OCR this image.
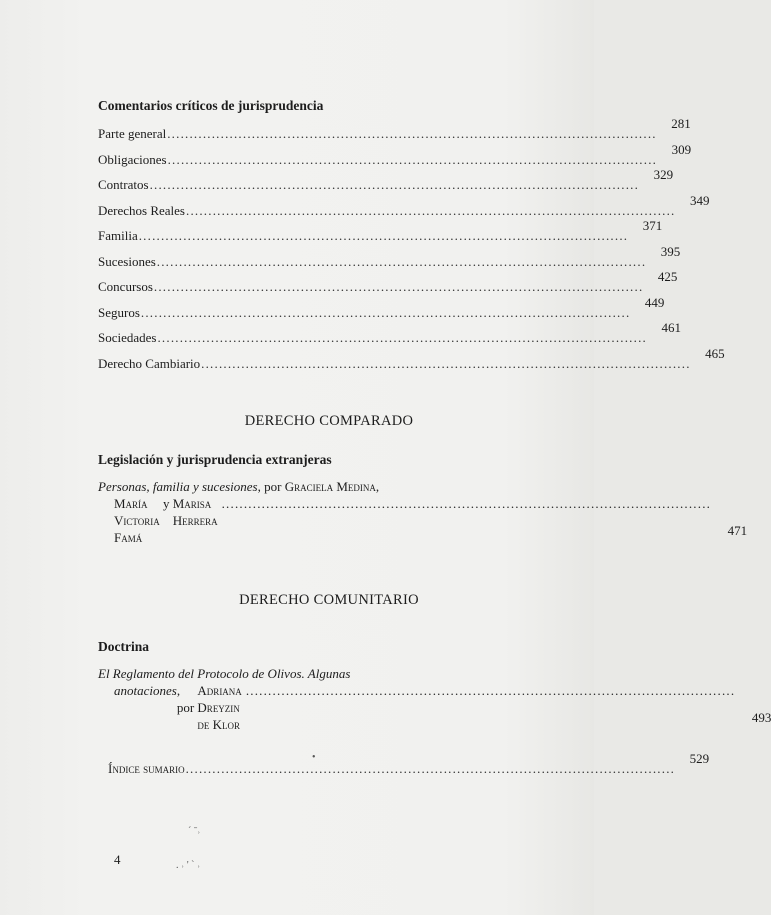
Comentarios críticos de jurisprudencia
Parte general ..............................................................................................................
281
Obligaciones ..............................................................................................................
309
Contratos ..............................................................................................................
329
Derechos Reales ..............................................................................................................
349
Familia ..............................................................................................................
371
Sucesiones ..............................................................................................................
395
Concursos ..............................................................................................................
425
Seguros ..............................................................................................................
449
Sociedades ..............................................................................................................
461
Derecho Cambiario ..............................................................................................................
465
DERECHO COMPARADO
Legislación y jurisprudencia extranjeras
Personas, familia y sucesiones, por Graciela Medina,
María Victoria Famá

y
Marisa Herrera
..............................................................................................................
471
DERECHO COMUNITARIO
Doctrina
El Reglamento del Protocolo de Olivos. Algunas
anotaciones , por

Adriana Dreyzin de Klor
..............................................................................................................
493
Índice sumario ..............................................................................................................
529
4
•
ˊ ˉ˒
. ˒ ' ˋ ˒
